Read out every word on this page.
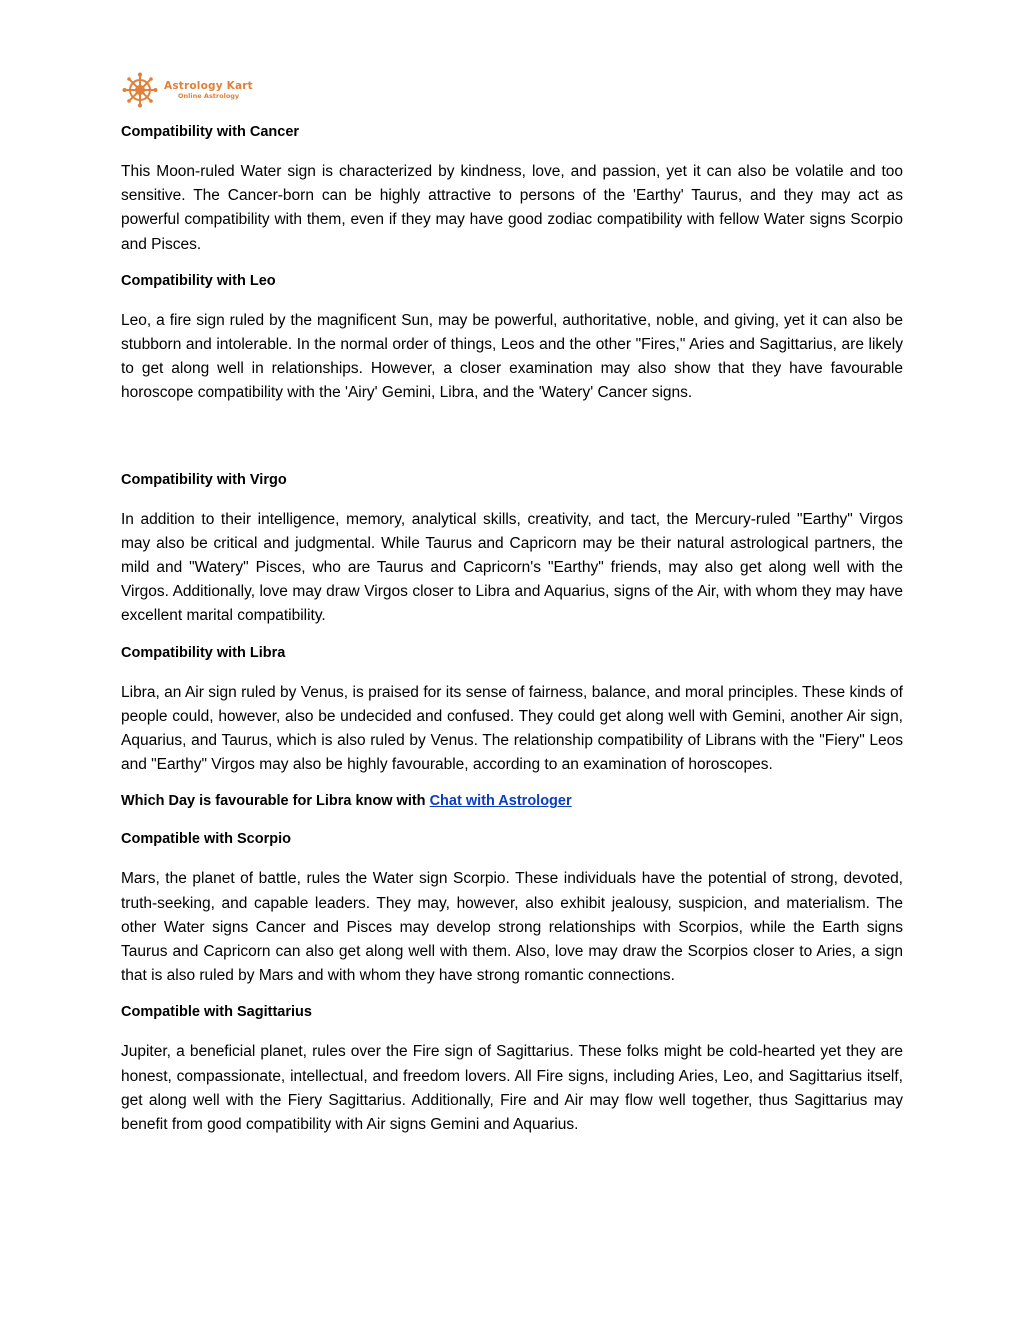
Astrology Kart
Online Astrology
Compatibility with Cancer

This Moon-ruled Water sign is characterized by kindness, love, and passion, yet it can also be volatile and too sensitive. The Cancer-born can be highly attractive to persons of the 'Earthy' Taurus, and they may act as powerful compatibility with them, even if they may have good zodiac compatibility with fellow Water signs Scorpio and Pisces.

Compatibility with Leo

Leo, a fire sign ruled by the magnificent Sun, may be powerful, authoritative, noble, and giving, yet it can also be stubborn and intolerable. In the normal order of things, Leos and the other "Fires," Aries and Sagittarius, are likely to get along well in relationships. However, a closer examination may also show that they have favourable horoscope compatibility with the 'Airy' Gemini, Libra, and the 'Watery' Cancer signs.

Compatibility with Virgo

In addition to their intelligence, memory, analytical skills, creativity, and tact, the Mercury-ruled "Earthy" Virgos may also be critical and judgmental. While Taurus and Capricorn may be their natural astrological partners, the mild and "Watery" Pisces, who are Taurus and Capricorn's "Earthy" friends, may also get along well with the Virgos. Additionally, love may draw Virgos closer to Libra and Aquarius, signs of the Air, with whom they may have excellent marital compatibility.

Compatibility with Libra

Libra, an Air sign ruled by Venus, is praised for its sense of fairness, balance, and moral principles. These kinds of people could, however, also be undecided and confused. They could get along well with Gemini, another Air sign, Aquarius, and Taurus, which is also ruled by Venus. The relationship compatibility of Librans with the "Fiery" Leos and "Earthy" Virgos may also be highly favourable, according to an examination of horoscopes.

Which Day is favourable for Libra know with Chat with Astrologer
Compatible with Scorpio

Mars, the planet of battle, rules the Water sign Scorpio. These individuals have the potential of strong, devoted, truth-seeking, and capable leaders. They may, however, also exhibit jealousy, suspicion, and materialism. The other Water signs Cancer and Pisces may develop strong relationships with Scorpios, while the Earth signs Taurus and Capricorn can also get along well with them. Also, love may draw the Scorpios closer to Aries, a sign that is also ruled by Mars and with whom they have strong romantic connections.

Compatible with Sagittarius

Jupiter, a beneficial planet, rules over the Fire sign of Sagittarius. These folks might be cold-hearted yet they are honest, compassionate, intellectual, and freedom lovers. All Fire signs, including Aries, Leo, and Sagittarius itself, get along well with the Fiery Sagittarius. Additionally, Fire and Air may flow well together, thus Sagittarius may benefit from good compatibility with Air signs Gemini and Aquarius.
